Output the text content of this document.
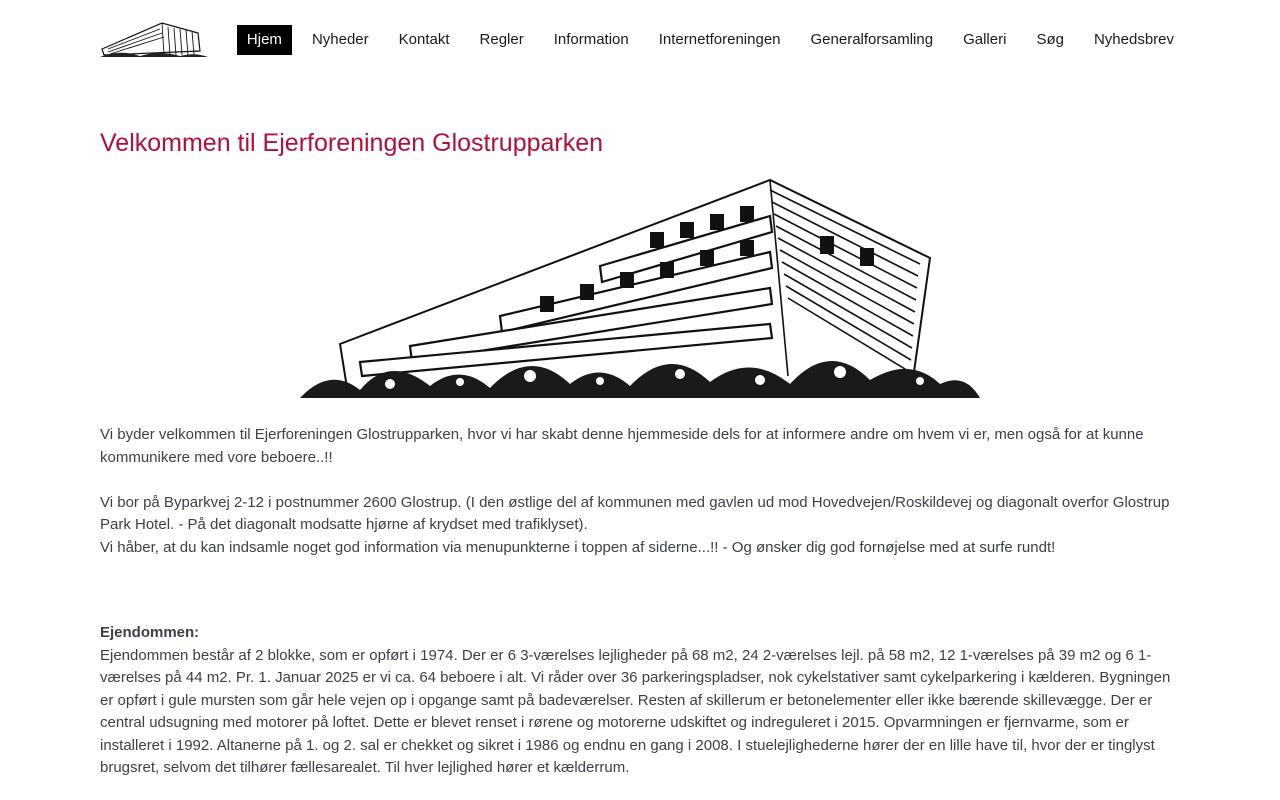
Hjem	Nyheder	Kontakt	Regler	Information	Internetforeningen	Generalforsamling	Galleri	Søg	Nyhedsbrev
Velkommen til Ejerforeningen Glostrupparken

Vi byder velkommen til Ejerforeningen Glostrupparken, hvor vi har skabt denne hjemmeside dels for at informere andre om hvem vi er, men også for at kunne kommunikere med vore beboere..!!

Vi bor på Byparkvej 2-12 i postnummer 2600 Glostrup. (I den østlige del af kommunen med gavlen ud mod Hovedvejen/Roskildevej og diagonalt overfor Glostrup Park Hotel. - På det diagonalt modsatte hjørne af krydset med trafiklyset).

Vi håber, at du kan indsamle noget god information via menupunkterne i toppen af siderne...!! - Og ønsker dig god fornøjelse med at surfe rundt!

Ejendommen:

Ejendommen består af 2 blokke, som er opført i 1974. Der er 6 3-værelses lejligheder på 68 m2, 24 2-værelses lejl. på 58 m2, 12 1-værelses på 39 m2 og 6 1-værelses på 44 m2. Pr. 1. Januar 2025 er vi ca. 64 beboere i alt. Vi råder over 36 parkeringspladser, nok cykelstativer samt cykelparkering i kælderen. Bygningen er opført i gule mursten som går hele vejen op i opgange samt på badeværelser. Resten af skillerum er betonelementer eller ikke bærende skillevægge. Der er central udsugning med motorer på loftet. Dette er blevet renset i rørene og motorerne udskiftet og indreguleret i 2015. Opvarmningen er fjernvarme, som er installeret i 1992. Altanerne på 1. og 2. sal er chekket og sikret i 1986 og endnu en gang i 2008. I stuelejlighederne hører der en lille have til, hvor der er tinglyst brugsret, selvom det tilhører fællesarealet. Til hver lejlighed hører et kælderrum.
